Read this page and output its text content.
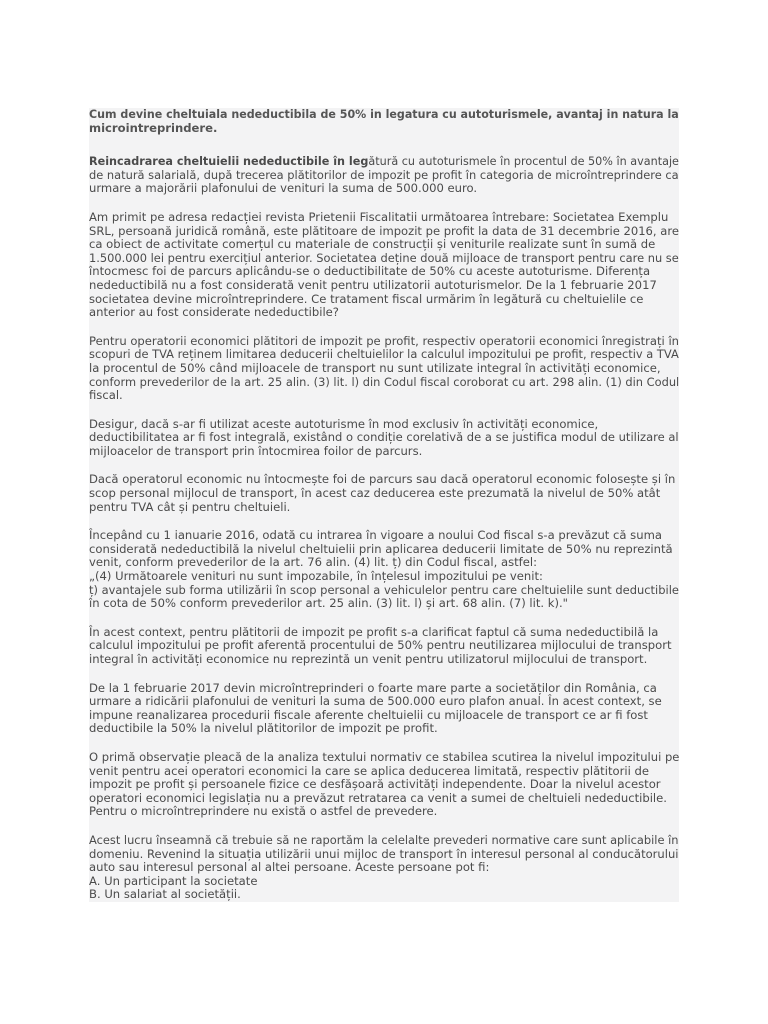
Cum devine cheltuiala nedeductibila de 50% in legatura cu autoturismele, avantaj in natura la
microintreprindere.
Reincadrarea cheltuielii nedeductibile în legătură cu autoturismele în procentul de 50% în avantaje
de natură salarială, după trecerea plătitorilor de impozit pe profit în categoria de microîntreprindere ca
urmare a majorării plafonului de venituri la suma de 500.000 euro.
Am primit pe adresa redacției revista Prietenii Fiscalitatii următoarea întrebare: Societatea Exemplu
SRL, persoană juridică română, este plătitoare de impozit pe profit la data de 31 decembrie 2016, are
ca obiect de activitate comerțul cu materiale de construcții și veniturile realizate sunt în sumă de
1.500.000 lei pentru exercițiul anterior. Societatea deține două mijloace de transport pentru care nu se
întocmesc foi de parcurs aplicându-se o deductibilitate de 50% cu aceste autoturisme. Diferența
nedeductibilă nu a fost considerată venit pentru utilizatorii autoturismelor. De la 1 februarie 2017
societatea devine microîntreprindere. Ce tratament fiscal urmărim în legătură cu cheltuielile ce
anterior au fost considerate nedeductibile?
Pentru operatorii economici plătitori de impozit pe profit, respectiv operatorii economici înregistrați în
scopuri de TVA reținem limitarea deducerii cheltuielilor la calculul impozitului pe profit, respectiv a TVA
la procentul de 50% când mijloacele de transport nu sunt utilizate integral în activități economice,
conform prevederilor de la art. 25 alin. (3) lit. l) din Codul fiscal coroborat cu art. 298 alin. (1) din Codul
fiscal.
Desigur, dacă s-ar fi utilizat aceste autoturisme în mod exclusiv în activități economice,
deductibilitatea ar fi fost integrală, existând o condiție corelativă de a se justifica modul de utilizare al
mijloacelor de transport prin întocmirea foilor de parcurs.
Dacă operatorul economic nu întocmește foi de parcurs sau dacă operatorul economic folosește și în
scop personal mijlocul de transport, în acest caz deducerea este prezumată la nivelul de 50% atât
pentru TVA cât și pentru cheltuieli.
Începând cu 1 ianuarie 2016, odată cu intrarea în vigoare a noului Cod fiscal s-a prevăzut că suma
considerată nedeductibilă la nivelul cheltuielii prin aplicarea deducerii limitate de 50% nu reprezintă
venit, conform prevederilor de la art. 76 alin. (4) lit. ț) din Codul fiscal, astfel:
„(4) Următoarele venituri nu sunt impozabile, în înțelesul impozitului pe venit:
ț) avantajele sub forma utilizării în scop personal a vehiculelor pentru care cheltuielile sunt deductibile
în cota de 50% conform prevederilor art. 25 alin. (3) lit. l) și art. 68 alin. (7) lit. k)."
În acest context, pentru plătitorii de impozit pe profit s-a clarificat faptul că suma nedeductibilă la
calculul impozitului pe profit aferentă procentului de 50% pentru neutilizarea mijlocului de transport
integral în activități economice nu reprezintă un venit pentru utilizatorul mijlocului de transport.
De la 1 februarie 2017 devin microîntreprinderi o foarte mare parte a societăților din România, ca
urmare a ridicării plafonului de venituri la suma de 500.000 euro plafon anual. În acest context, se
impune reanalizarea procedurii fiscale aferente cheltuielii cu mijloacele de transport ce ar fi fost
deductibile la 50% la nivelul plătitorilor de impozit pe profit.
O primă observație pleacă de la analiza textului normativ ce stabilea scutirea la nivelul impozitului pe
venit pentru acei operatori economici la care se aplica deducerea limitată, respectiv plătitorii de
impozit pe profit și persoanele fizice ce desfășoară activități independente. Doar la nivelul acestor
operatori economici legislația nu a prevăzut retratarea ca venit a sumei de cheltuieli nedeductibile.
Pentru o microîntreprindere nu există o astfel de prevedere.
Acest lucru înseamnă că trebuie să ne raportăm la celelalte prevederi normative care sunt aplicabile în
domeniu. Revenind la situația utilizării unui mijloc de transport în interesul personal al conducătorului
auto sau interesul personal al altei persoane. Aceste persoane pot fi:
A. Un participant la societate
B. Un salariat al societății.
